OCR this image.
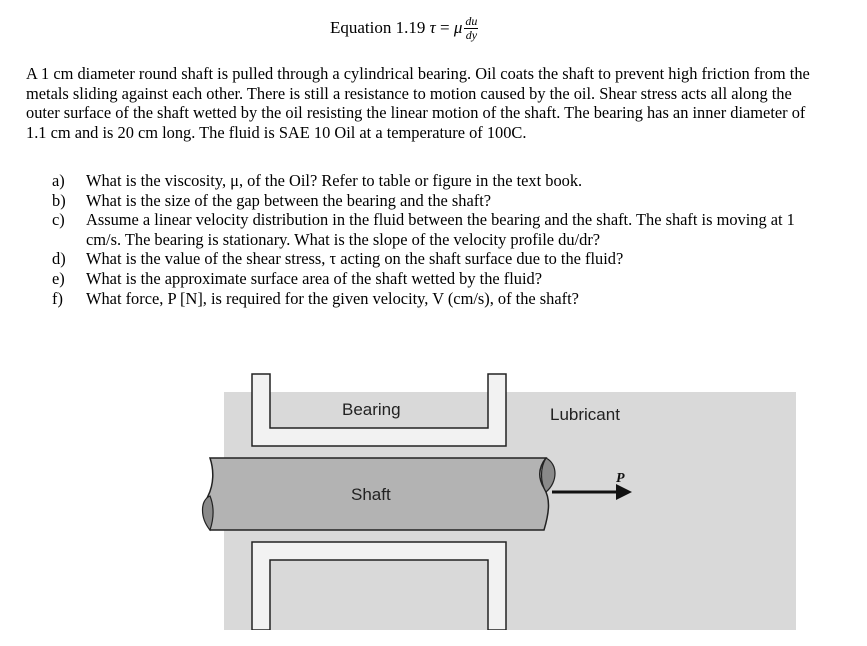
Equation 1.19
τ
=
μ $\frac{du}{dy}$

A 1 cm diameter round shaft is pulled through a cylindrical bearing. Oil coats the shaft to prevent high friction from the metals sliding against each other. There is still a resistance to motion caused by the oil. Shear stress acts all along the outer surface of the shaft wetted by the oil resisting the linear motion of the shaft. The bearing has an inner diameter of 1.1 cm and is 20 cm long. The fluid is SAE 10 Oil at a temperature of 100C.

a)	What is the viscosity, μ, of the Oil? Refer to table or figure in the text book.
b)	What is the size of the gap between the bearing and the shaft?
c)	Assume a linear velocity distribution in the fluid between the bearing and the shaft. The shaft is moving at 1 cm/s. The bearing is stationary. What is the slope of the velocity profile du/dr?
d)	What is the value of the shear stress, τ acting on the shaft surface due to the fluid?
e)	What is the approximate surface area of the shaft wetted by the fluid?
f)	What force, P [N], is required for the given velocity, V (cm/s), of the shaft?
Bearing	Lubricant
Shaft
P
